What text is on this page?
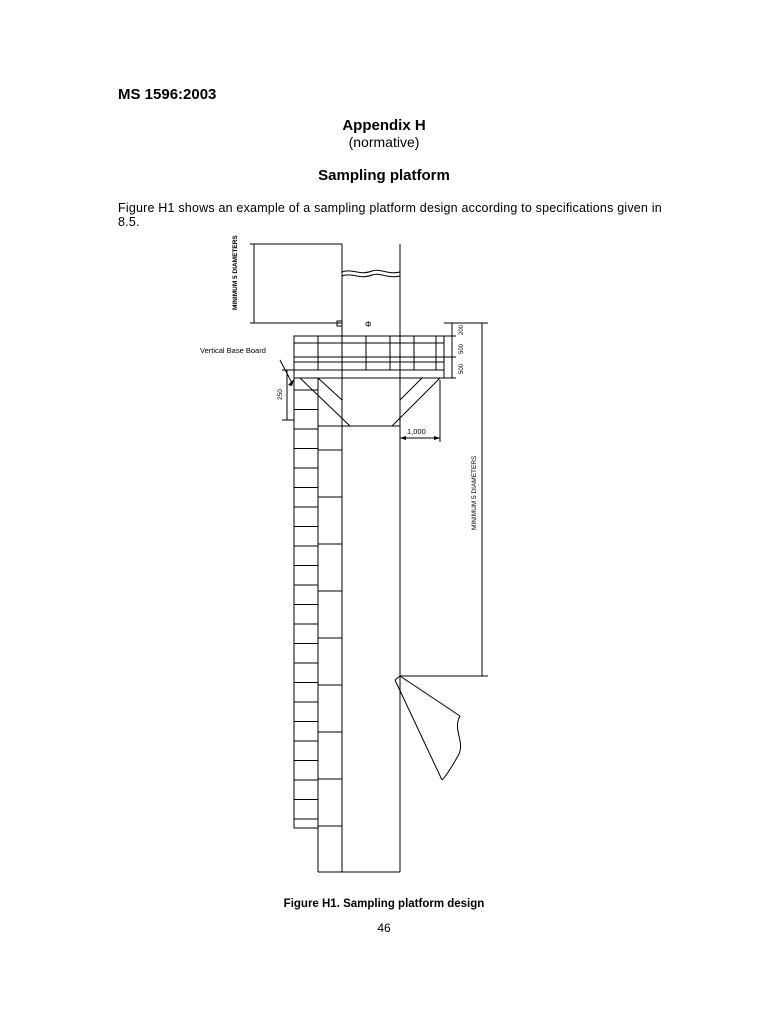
MS 1596:2003
Appendix H
(normative)
Sampling platform
Figure H1 shows an example of a sampling platform design according to specifications given in 8.5.
MINIMUM 5 DIAMETERS
Φ
Vertical Base Board
200
500
500
250
1,000
MINIMUM 5 DIAMETERS
Figure H1. Sampling platform design
46
